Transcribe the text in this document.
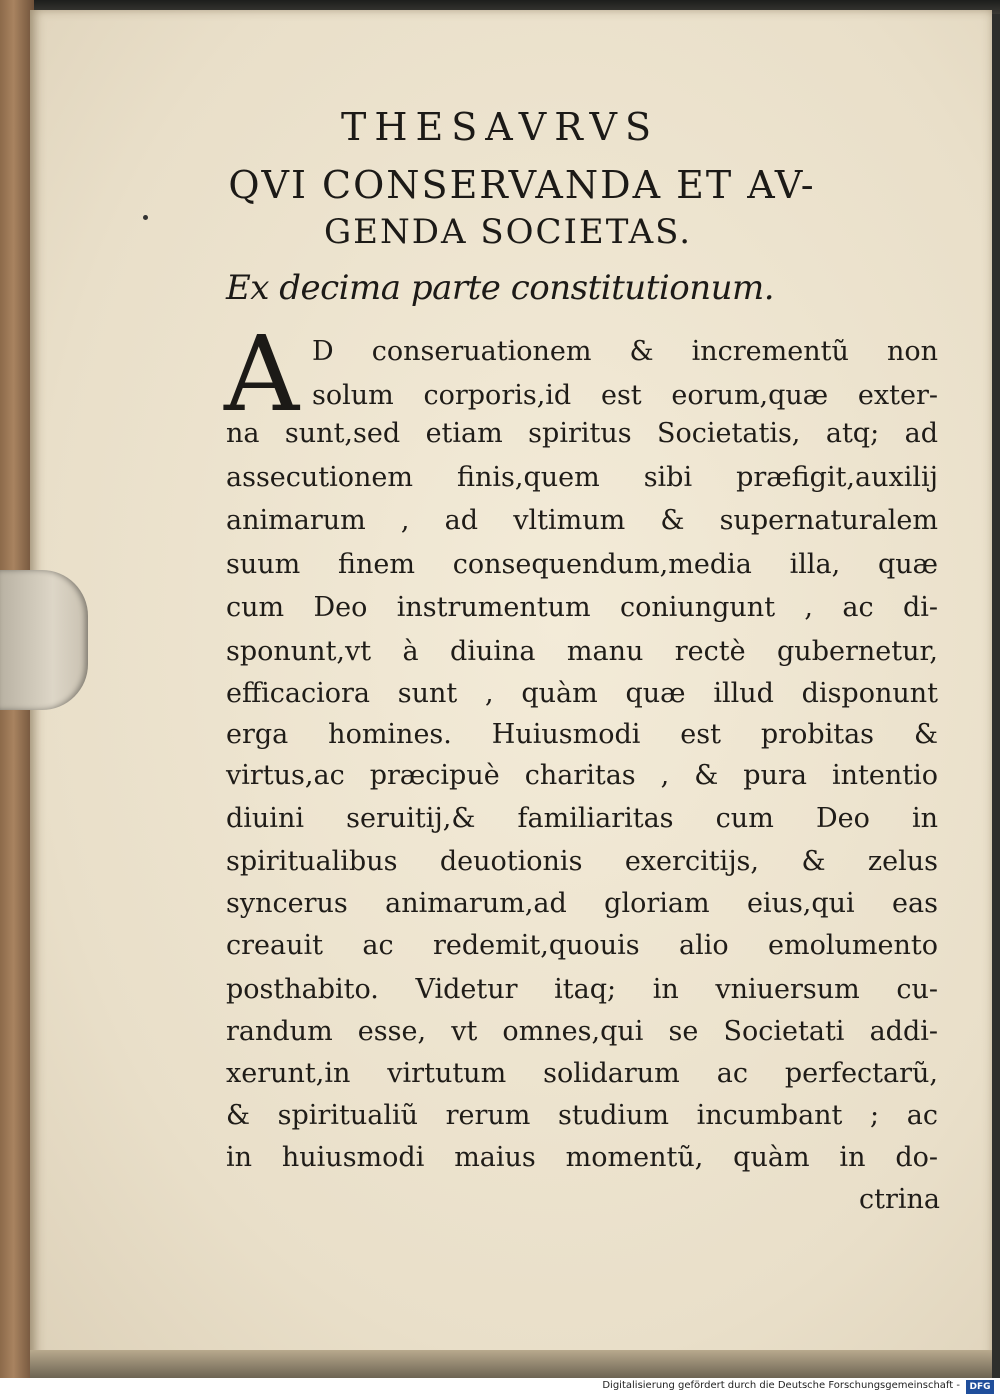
THESAVRVS
QVI CONSERVANDA ET AV-
GENDA SOCIETAS.
Ex decima parte constitutionum.
A D conseruationem & incrementũ non
solum corporis,id est eorum,quæ exter-
na sunt,sed etiam spiritus Societatis, atq; ad
assecutionem finis,quem sibi præfigit,auxilij
animarum , ad vltimum & supernaturalem
suum finem consequendum,media illa, quæ
cum Deo instrumentum coniungunt , ac di-
sponunt,vt à diuina manu rectè gubernetur,
efficaciora sunt , quàm quæ illud disponunt
erga homines. Huiusmodi est probitas &
virtus,ac præcipuè charitas , & pura intentio
diuini seruitij,& familiaritas cum Deo in
spiritualibus deuotionis exercitijs, & zelus
syncerus animarum,ad gloriam eius,qui eas
creauit ac redemit,quouis alio emolumento
posthabito. Videtur itaq; in vniuersum cu-
randum esse, vt omnes,qui se Societati addi-
xerunt,in virtutum solidarum ac perfectarũ,
& spiritualiũ rerum studium incumbant ; ac
in huiusmodi maius momentũ, quàm in do-
ctrina
Digitalisierung gefördert durch die Deutsche Forschungsgemeinschaft -	DFG
